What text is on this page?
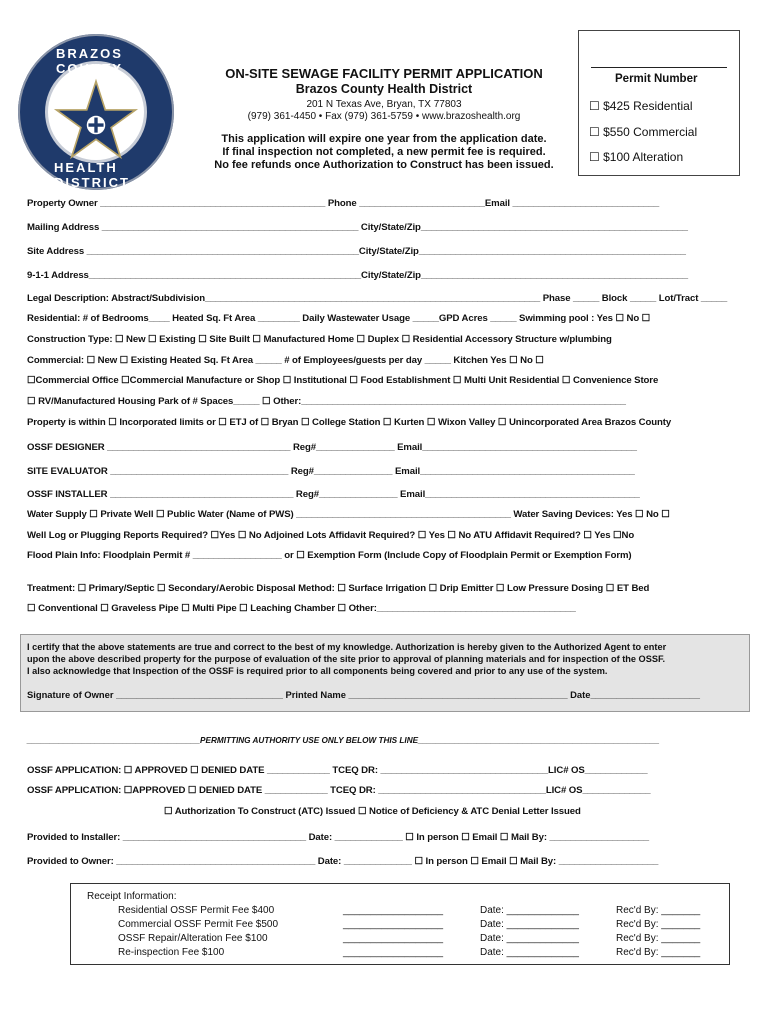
BRAZOS COUNTY
HEALTH DISTRICT
ON-SITE SEWAGE FACILITY PERMIT APPLICATION
Brazos County Health District
201 N Texas Ave, Bryan, TX 77803
(979) 361-4450 • Fax (979) 361-5759 • www.brazoshealth.org
This application will expire one year from the application date.
If final inspection not completed, a new permit fee is required.
No fee refunds once Authorization to Construct has been issued.
Permit Number
☐ $425 Residential
☐ $550 Commercial
☐ $100 Alteration
Property Owner ___________________________________________ Phone ________________________Email ____________________________
Mailing Address _________________________________________________ City/State/Zip___________________________________________________
Site Address ____________________________________________________City/State/Zip___________________________________________________
9-1-1 Address____________________________________________________City/State/Zip___________________________________________________
Legal Description: Abstract/Subdivision________________________________________________________________ Phase _____ Block _____ Lot/Tract _____
Residential: # of Bedrooms____ Heated Sq. Ft Area ________ Daily Wastewater Usage _____GPD Acres _____ Swimming pool : Yes ☐ No ☐
Construction Type: ☐ New ☐ Existing ☐ Site Built ☐ Manufactured Home ☐ Duplex ☐ Residential Accessory Structure w/plumbing
Commercial: ☐ New ☐ Existing Heated Sq. Ft Area _____ # of Employees/guests per day _____ Kitchen Yes ☐ No ☐
☐Commercial Office ☐Commercial Manufacture or Shop ☐ Institutional ☐ Food Establishment ☐ Multi Unit Residential ☐ Convenience Store
☐ RV/Manufactured Housing Park of # Spaces_____ ☐ Other:______________________________________________________________
Property is within ☐ Incorporated limits or ☐ ETJ of ☐ Bryan ☐ College Station ☐ Kurten ☐ Wixon Valley ☐ Unincorporated Area Brazos County
OSSF DESIGNER ___________________________________ Reg#_______________ Email_________________________________________
SITE EVALUATOR __________________________________ Reg#_______________ Email_________________________________________
OSSF INSTALLER ___________________________________ Reg#_______________ Email_________________________________________
Water Supply ☐ Private Well ☐ Public Water (Name of PWS) _________________________________________ Water Saving Devices: Yes ☐ No ☐
Well Log or Plugging Reports Required? ☐Yes ☐ No Adjoined Lots Affidavit Required? ☐ Yes ☐ No ATU Affidavit Required? ☐ Yes ☐No
Flood Plain Info: Floodplain Permit # _________________ or ☐ Exemption Form (Include Copy of Floodplain Permit or Exemption Form)
Treatment: ☐ Primary/Septic ☐ Secondary/Aerobic Disposal Method: ☐ Surface Irrigation ☐ Drip Emitter ☐ Low Pressure Dosing ☐ ET Bed
☐ Conventional ☐ Graveless Pipe ☐ Multi Pipe ☐ Leaching Chamber ☐ Other:______________________________________
I certify that the above statements are true and correct to the best of my knowledge. Authorization is hereby given to the Authorized Agent to enter
upon the above described property for the purpose of evaluation of the site prior to approval of planning materials and for inspection of the OSSF.
I also acknowledge that Inspection of the OSSF is required prior to all components being covered and prior to any use of the system.
Signature of Owner ________________________________ Printed Name __________________________________________ Date_____________________
______________________________________PERMITTING AUTHORITY USE ONLY BELOW THIS LINE_____________________________________________________
OSSF APPLICATION: ☐ APPROVED ☐ DENIED DATE ____________ TCEQ DR: ________________________________LIC# OS____________
OSSF APPLICATION: ☐APPROVED ☐ DENIED DATE ____________ TCEQ DR: ________________________________LIC# OS_____________
☐ Authorization To Construct (ATC) Issued ☐ Notice of Deficiency & ATC Denial Letter Issued
Provided to Installer: ___________________________________ Date: _____________ ☐ In person ☐ Email ☐ Mail By: ___________________
Provided to Owner: ______________________________________ Date: _____________ ☐ In person ☐ Email ☐ Mail By: ___________________
Receipt Information:
Residential OSSF Permit Fee $400	__________________	Date: _____________	Rec'd By: _______
Commercial OSSF Permit Fee $500	__________________	Date: _____________	Rec'd By: _______
OSSF Repair/Alteration Fee $100	__________________	Date: _____________	Rec'd By: _______
Re-inspection Fee $100	__________________	Date: _____________	Rec'd By: _______
